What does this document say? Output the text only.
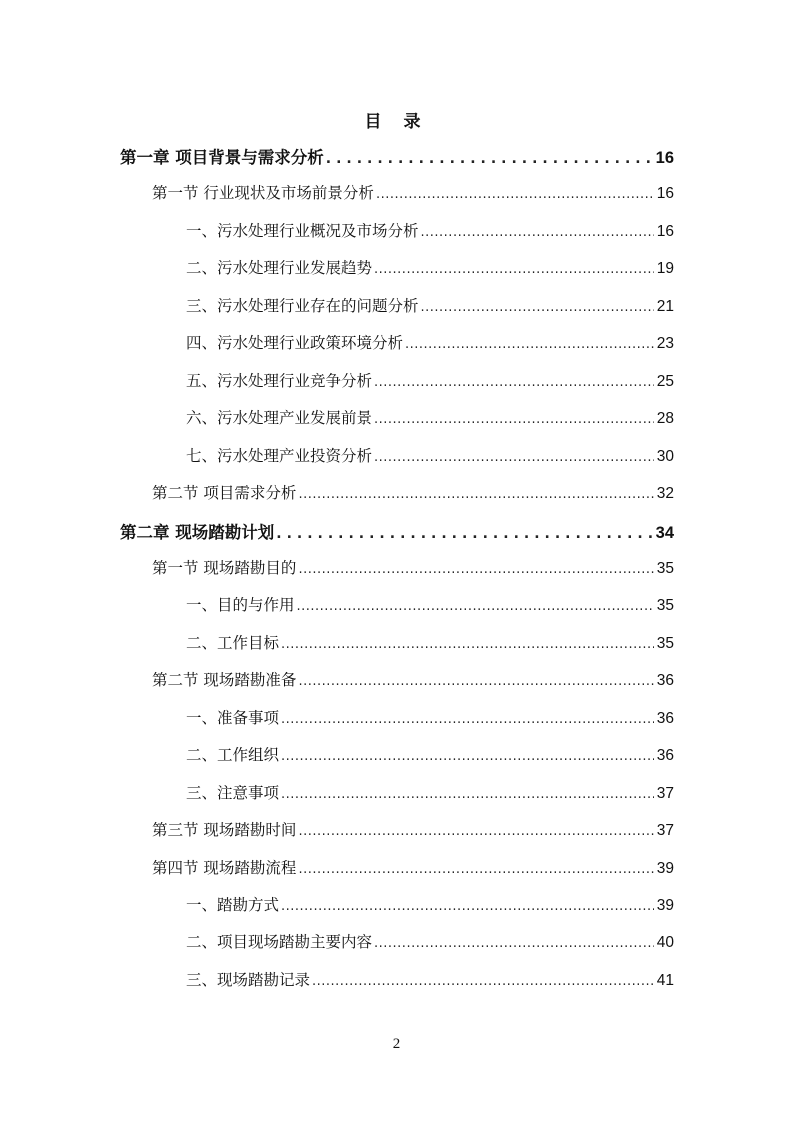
目 录
第一章 项目背景与需求分析 .....	16
第一节 行业现状及市场前景分析 .....	16
一、污水处理行业概况及市场分析 .....	16
二、污水处理行业发展趋势 .....	19
三、污水处理行业存在的问题分析 .....	21
四、污水处理行业政策环境分析 .....	23
五、污水处理行业竞争分析 .....	25
六、污水处理产业发展前景 .....	28
七、污水处理产业投资分析 .....	30
第二节 项目需求分析 .....	32
第二章 现场踏勘计划 .....	34
第一节 现场踏勘目的 .....	35
一、目的与作用 .....	35
二、工作目标 .....	35
第二节 现场踏勘准备 .....	36
一、准备事项 .....	36
二、工作组织 .....	36
三、注意事项 .....	37
第三节 现场踏勘时间 .....	37
第四节 现场踏勘流程 .....	39
一、踏勘方式 .....	39
二、项目现场踏勘主要内容 .....	40
三、现场踏勘记录 .....	41
2
